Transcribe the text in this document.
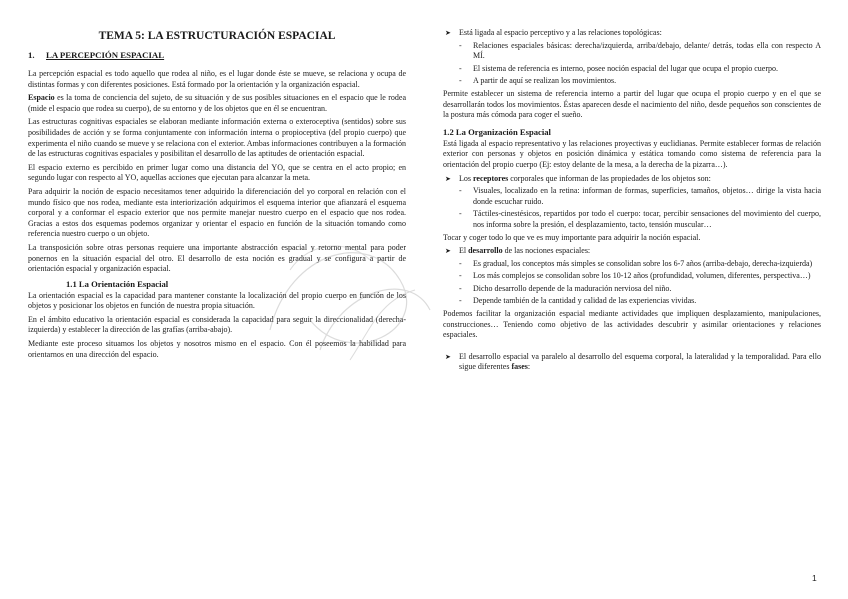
TEMA 5: LA ESTRUCTURACIÓN ESPACIAL
1. LA PERCEPCIÓN ESPACIAL

La percepción espacial es todo aquello que rodea al niño, es el lugar donde éste se mueve, se relaciona y ocupa de distintas formas y con diferentes posiciones. Está formado por la orientación y la organización espacial.

Espacio es la toma de conciencia del sujeto, de su situación y de sus posibles situaciones en el espacio que le rodea (mide el espacio que rodea su cuerpo), de su entorno y de los objetos que en él se encuentran.

Las estructuras cognitivas espaciales se elaboran mediante información externa o exteroceptiva (sentidos) sobre sus posibilidades de acción y se forma conjuntamente con información interna o propioceptiva (del propio cuerpo) que experimenta el niño cuando se mueve y se relaciona con el exterior. Ambas informaciones contribuyen a la formación de las estructuras cognitivas espaciales y posibilitan el desarrollo de las aptitudes de orientación espacial.

El espacio externo es percibido en primer lugar como una distancia del YO, que se centra en el acto propio; en segundo lugar con respecto al YO, aquellas acciones que ejecutan para alcanzar la meta.

Para adquirir la noción de espacio necesitamos tener adquirido la diferenciación del yo corporal en relación con el mundo físico que nos rodea, mediante esta interiorización adquirimos el esquema interior que afianzará el esquema corporal y a conformar el espacio exterior que nos permite manejar nuestro cuerpo en el espacio que nos rodea. Gracias a estos dos esquemas podemos organizar y orientar el espacio en función de la situación tomando como referencia nuestro cuerpo o un objeto.

La transposición sobre otras personas requiere una importante abstracción espacial y retorno mental para poder ponernos en la situación espacial del otro. El desarrollo de esta noción es gradual y se configura a partir de orientación espacial y organización espacial.

1.1 La Orientación Espacial

La orientación espacial es la capacidad para mantener constante la localización del propio cuerpo en función de los objetos y posicionar los objetos en función de nuestra propia situación.

En el ámbito educativo la orientación espacial es considerada la capacidad para seguir la direccionalidad (derecha-izquierda) y establecer la dirección de las grafías (arriba-abajo).

Mediante este proceso situamos los objetos y nosotros mismo en el espacio. Con él poseemos la habilidad para orientarnos en una dirección del espacio.

➤ Está ligada al espacio perceptivo y a las relaciones topológicas:
- Relaciones espaciales básicas: derecha/izquierda, arriba/debajo, delante/ detrás, todas ella con respecto A MÍ.
- El sistema de referencia es interno, posee noción espacial del lugar que ocupa el propio cuerpo.
- A partir de aquí se realizan los movimientos.

Permite establecer un sistema de referencia interno a partir del lugar que ocupa el propio cuerpo y en el que se desarrollarán todos los movimientos. Éstas aparecen desde el nacimiento del niño, desde pequeños son conscientes de la postura más cómoda para coger el sueño.

1.2 La Organización Espacial

Está ligada al espacio representativo y las relaciones proyectivas y euclidianas. Permite establecer formas de relación exterior con personas y objetos en posición dinámica y estática tomando como sistema de referencia para la orientación del propio cuerpo (Ej: estoy delante de la mesa, a la derecha de la pizarra…).

➤ Los receptores corporales que informan de las propiedades de los objetos son:
- Visuales, localizado en la retina: informan de formas, superficies, tamaños, objetos… dirige la vista hacia donde escuchar ruido.
- Táctiles-cinestésicos, repartidos por todo el cuerpo: tocar, percibir sensaciones del movimiento del cuerpo, nos informa sobre la presión, el desplazamiento, tacto, tensión muscular…

Tocar y coger todo lo que ve es muy importante para adquirir la noción espacial.

➤ El desarrollo de las nociones espaciales:
- Es gradual, los conceptos más simples se consolidan sobre los 6-7 años (arriba-debajo, derecha-izquierda)
- Los más complejos se consolidan sobre los 10-12 años (profundidad, volumen, diferentes, perspectiva…)
- Dicho desarrollo depende de la maduración nerviosa del niño.
- Depende también de la cantidad y calidad de las experiencias vividas.

Podemos facilitar la organización espacial mediante actividades que impliquen desplazamiento, manipulaciones, construcciones… Teniendo como objetivo de las actividades descubrir y asimilar orientaciones y relaciones espaciales.

➤ El desarrollo espacial va paralelo al desarrollo del esquema corporal, la lateralidad y la temporalidad. Para ello sigue diferentes fases:
1
